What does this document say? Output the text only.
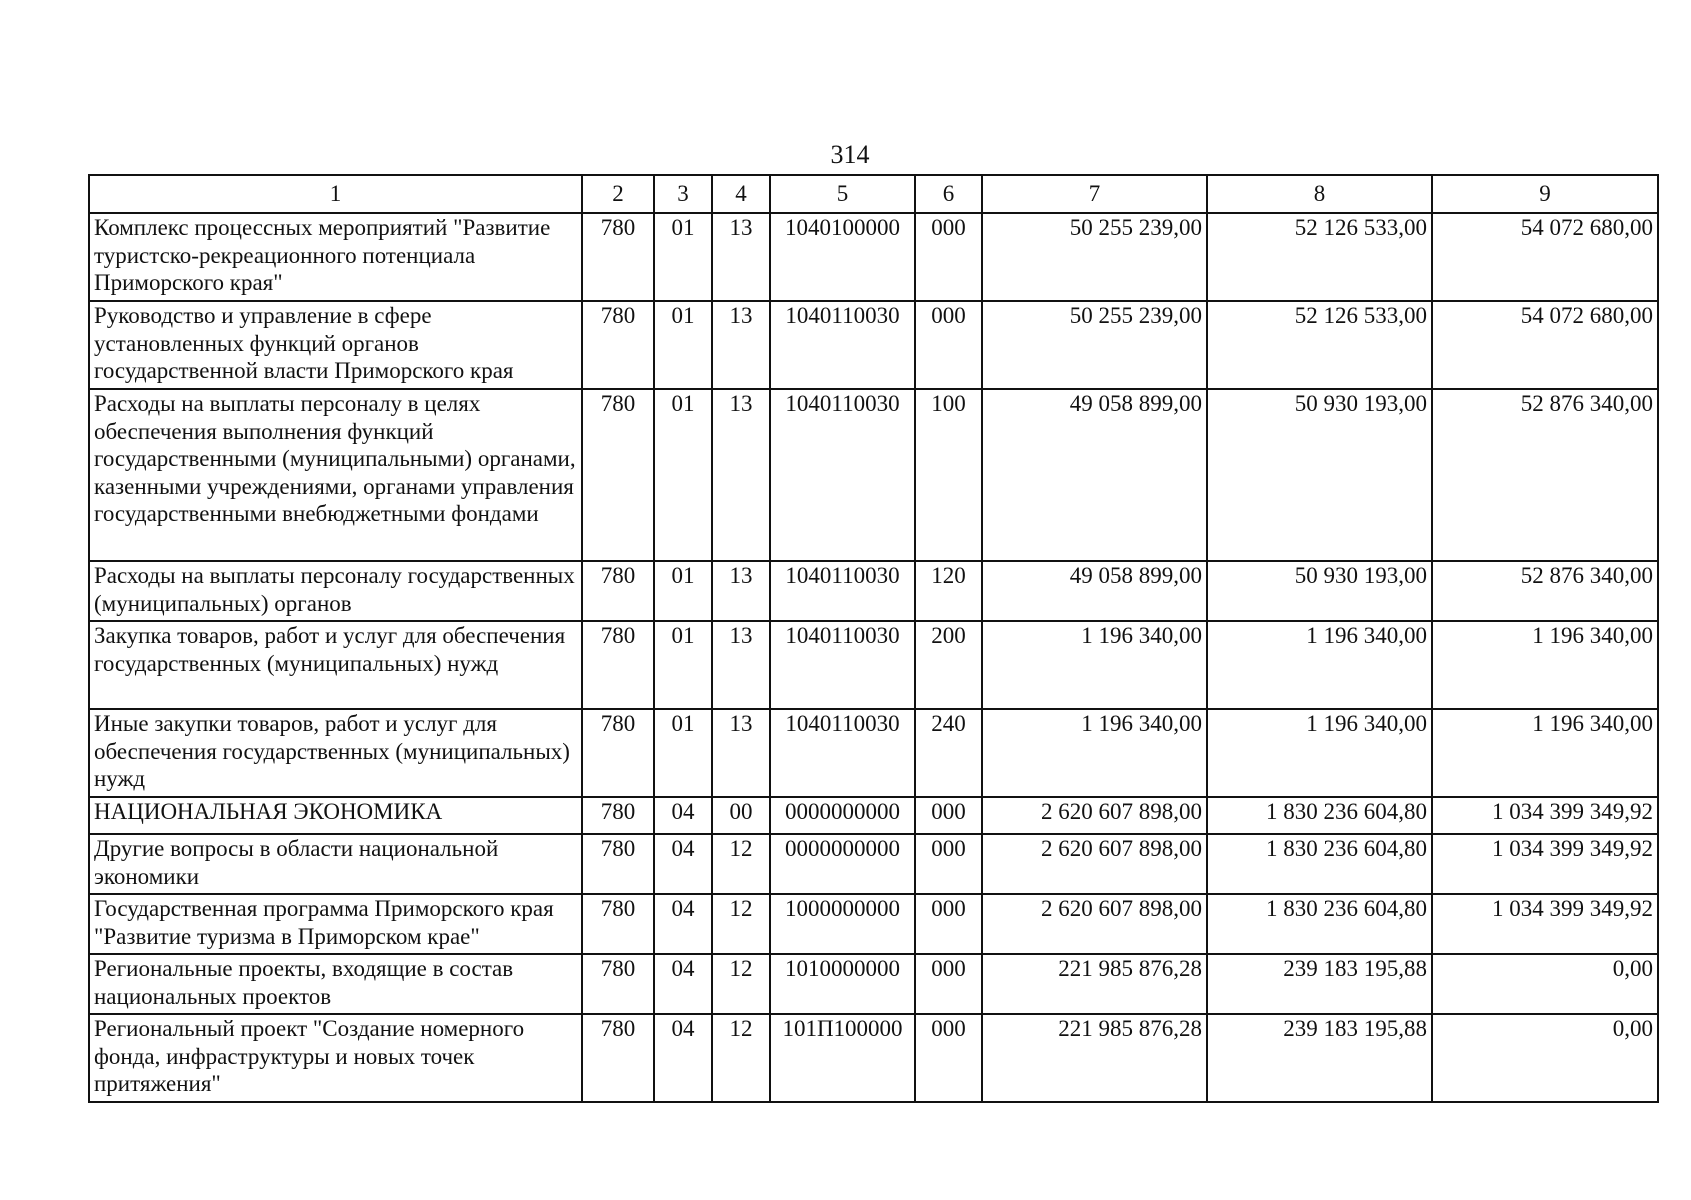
314
1	2	3	4	5	6	7	8	9
Комплекс процессных мероприятий "Развитие туристско-рекреационного потенциала Приморского края"	780	01	13	1040100000	000	50 255 239,00	52 126 533,00	54 072 680,00
Руководство и управление в сфере установленных функций органов государственной власти Приморского края	780	01	13	1040110030	000	50 255 239,00	52 126 533,00	54 072 680,00
Расходы на выплаты персоналу в целях обеспечения выполнения функций государственными (муниципальными) органами, казенными учреждениями, органами управления государственными внебюджетными фондами	780	01	13	1040110030	100	49 058 899,00	50 930 193,00	52 876 340,00
Расходы на выплаты персоналу государственных (муниципальных) органов	780	01	13	1040110030	120	49 058 899,00	50 930 193,00	52 876 340,00
Закупка товаров, работ и услуг для обеспечения государственных (муниципальных) нужд	780	01	13	1040110030	200	1 196 340,00	1 196 340,00	1 196 340,00
Иные закупки товаров, работ и услуг для обеспечения государственных (муниципальных) нужд	780	01	13	1040110030	240	1 196 340,00	1 196 340,00	1 196 340,00
НАЦИОНАЛЬНАЯ ЭКОНОМИКА	780	04	00	0000000000	000	2 620 607 898,00	1 830 236 604,80	1 034 399 349,92
Другие вопросы в области национальной экономики	780	04	12	0000000000	000	2 620 607 898,00	1 830 236 604,80	1 034 399 349,92
Государственная программа Приморского края "Развитие туризма в Приморском крае"	780	04	12	1000000000	000	2 620 607 898,00	1 830 236 604,80	1 034 399 349,92
Региональные проекты, входящие в состав национальных проектов	780	04	12	1010000000	000	221 985 876,28	239 183 195,88	0,00
Региональный проект "Создание номерного фонда, инфраструктуры и новых точек притяжения"	780	04	12	101П100000	000	221 985 876,28	239 183 195,88	0,00
